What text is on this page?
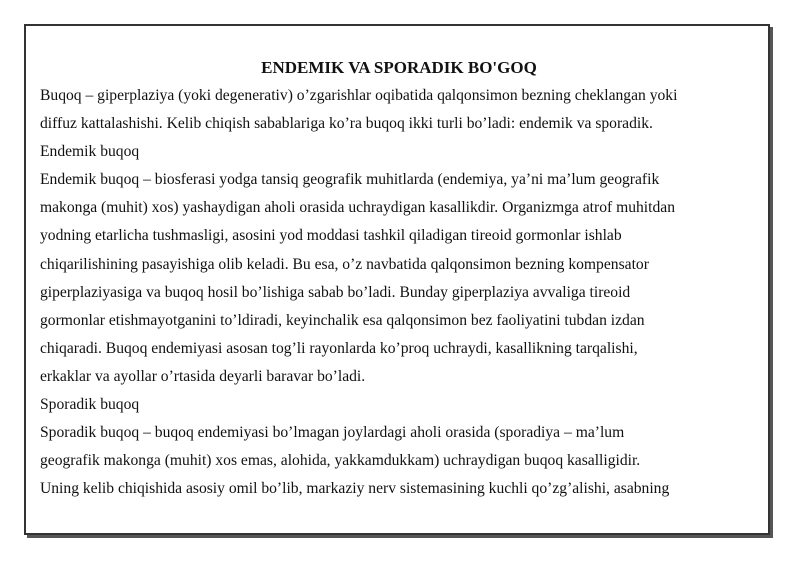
ENDEMIK VA SPORADIK BO'GOQ

Buqoq – giperplaziya (yoki degenerativ) o’zgarishlar oqibatida qalqonsimon bezning cheklangan yoki
diffuz kattalashishi. Kelib chiqish sabablariga ko’ra buqoq ikki turli bo’ladi: endemik va sporadik.

Endemik buqoq

Endemik buqoq – biosferasi yodga tansiq geografik muhitlarda (endemiya, ya’ni ma’lum geografik
makonga (muhit) xos) yashaydigan aholi orasida uchraydigan kasallikdir. Organizmga atrof muhitdan
yodning etarlicha tushmasligi, asosini yod moddasi tashkil qiladigan tireoid gormonlar ishlab
chiqarilishining pasayishiga olib keladi. Bu esa, o’z navbatida qalqonsimon bezning kompensator
giperplaziyasiga va buqoq hosil bo’lishiga sabab bo’ladi. Bunday giperplaziya avvaliga tireoid
gormonlar etishmayotganini to’ldiradi, keyinchalik esa qalqonsimon bez faoliyatini tubdan izdan
chiqaradi. Buqoq endemiyasi asosan tog’li rayonlarda ko’proq uchraydi, kasallikning tarqalishi,
erkaklar va ayollar o’rtasida deyarli baravar bo’ladi.

Sporadik buqoq

Sporadik buqoq – buqoq endemiyasi bo’lmagan joylardagi aholi orasida (sporadiya – ma’lum
geografik makonga (muhit) xos emas, alohida, yakkamdukkam) uchraydigan buqoq kasalligidir.
Uning kelib chiqishida asosiy omil bo’lib, markaziy nerv sistemasining kuchli qo’zg’alishi, asabning
